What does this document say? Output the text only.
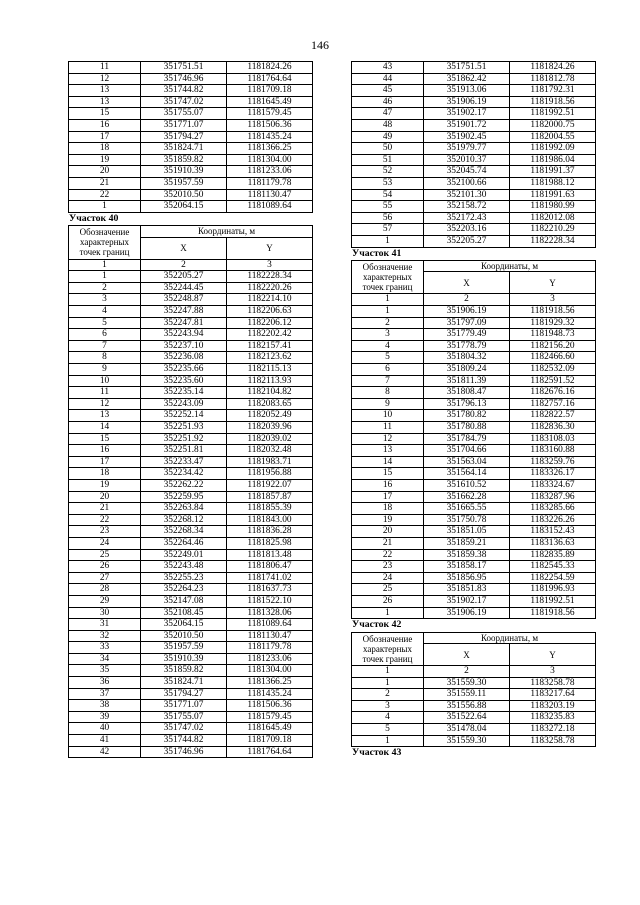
146
11	351751.51	1181824.26
12	351746.96	1181764.64
13	351744.82	1181709.18
13	351747.02	1181645.49
15	351755.07	1181579.45
16	351771.07	1181506.36
17	351794.27	1181435.24
18	351824.71	1181366.25
19	351859.82	1181304.00
20	351910.39	1181233.06
21	351957.59	1181179.78
22	352010.50	1181130.47
1	352064.15	1181089.64
Участок 40
Обозначение характерных точек границ	Координаты, м	
	X	Y
1	2	3
1	352205.27	1182228.34
2	352244.45	1182220.26
3	352248.87	1182214.10
4	352247.88	1182206.63
5	352247.81	1182206.12
6	352243.94	1182202.42
7	352237.10	1182157.41
8	352236.08	1182123.62
9	352235.66	1182115.13
10	352235.60	1182113.93
11	352235.14	1182104.82
12	352243.09	1182083.65
13	352252.14	1182052.49
14	352251.93	1182039.96
15	352251.92	1182039.02
16	352251.81	1182032.48
17	352233.47	1181983.71
18	352234.42	1181956.88
19	352262.22	1181922.07
20	352259.95	1181857.87
21	352263.84	1181855.39
22	352268.12	1181843.00
23	352268.34	1181836.28
24	352264.46	1181825.98
25	352249.01	1181813.48
26	352243.48	1181806.47
27	352255.23	1181741.02
28	352264.23	1181637.73
29	352147.08	1181522.10
30	352108.45	1181328.06
31	352064.15	1181089.64
32	352010.50	1181130.47
33	351957.59	1181179.78
34	351910.39	1181233.06
35	351859.82	1181304.00
36	351824.71	1181366.25
37	351794.27	1181435.24
38	351771.07	1181506.36
39	351755.07	1181579.45
40	351747.02	1181645.49
41	351744.82	1181709.18
42	351746.96	1181764.64
43	351751.51	1181824.26
44	351862.42	1181812.78
45	351913.06	1181792.31
46	351906.19	1181918.56
47	351902.17	1181992.51
48	351901.72	1182000.75
49	351902.45	1182004.55
50	351979.77	1181992.09
51	352010.37	1181986.04
52	352045.74	1181991.37
53	352100.66	1181988.12
54	352101.30	1181991.63
55	352158.72	1181980.99
56	352172.43	1182012.08
57	352203.16	1182210.29
1	352205.27	1182228.34
Участок 41
Обозначение характерных точек границ	Координаты, м	
	X	Y
1	2	3
1	351906.19	1181918.56
2	351797.09	1181929.32
3	351779.49	1181948.73
4	351778.79	1182156.20
5	351804.32	1182466.60
6	351809.24	1182532.09
7	351811.39	1182591.52
8	351808.47	1182676.16
9	351796.13	1182757.16
10	351780.82	1182822.57
11	351780.88	1182836.30
12	351784.79	1183108.03
13	351704.66	1183160.88
14	351563.04	1183259.76
15	351564.14	1183326.17
16	351610.52	1183324.67
17	351662.28	1183287.96
18	351665.55	1183285.66
19	351750.78	1183226.26
20	351851.05	1183152.43
21	351859.21	1183136.63
22	351859.38	1182835.89
23	351858.17	1182545.33
24	351856.95	1182254.59
25	351851.83	1181996.93
26	351902.17	1181992.51
1	351906.19	1181918.56
Участок 42
Обозначение характерных точек границ	Координаты, м	
	X	Y
1	2	3
1	351559.30	1183258.78
2	351559.11	1183217.64
3	351556.88	1183203.19
4	351522.64	1183235.83
5	351478.04	1183272.18
1	351559.30	1183258.78
Участок 43
